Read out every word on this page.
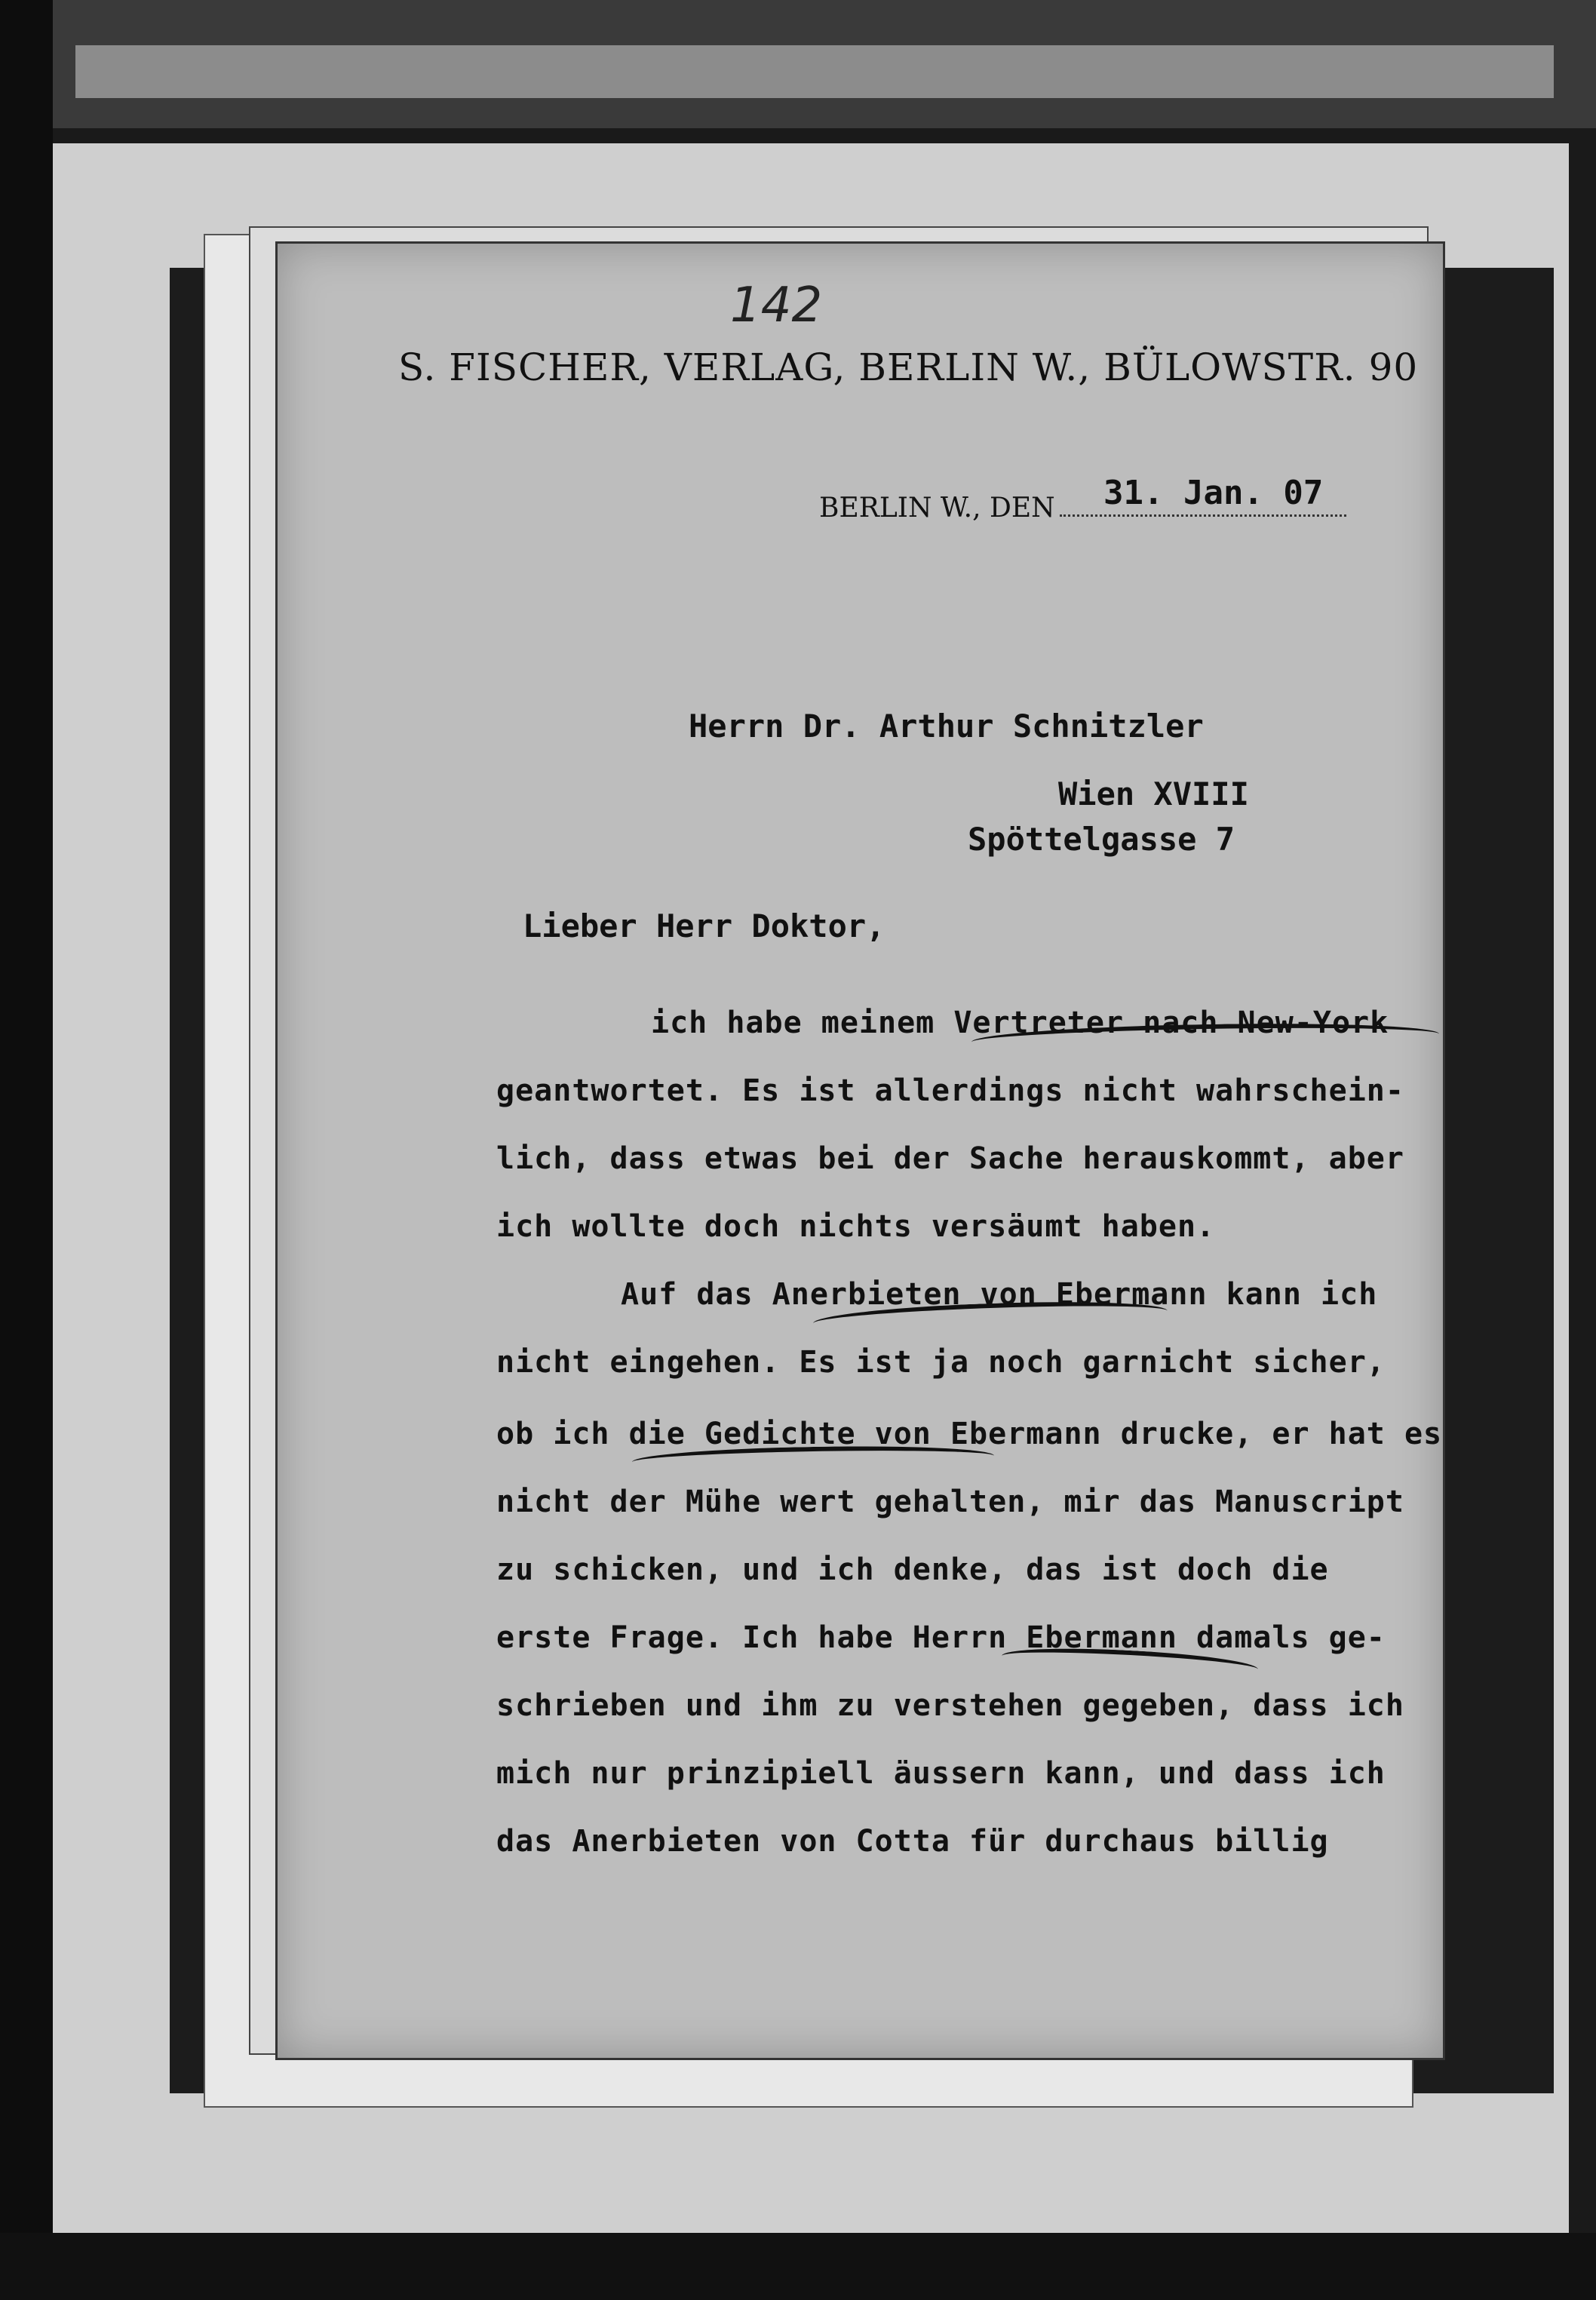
142
S. FISCHER, VERLAG, BERLIN W., BÜLOWSTR. 90
BERLIN W., DEN	31. Jan. 07
Herrn Dr. Arthur Schnitzler
Wien XVIII
Spöttelgasse 7
Lieber Herr Doktor,
ich habe meinem Vertreter nach New-York
geantwortet. Es ist allerdings nicht wahrschein-
lich, dass etwas bei der Sache herauskommt, aber
ich wollte doch nichts versäumt haben.
Auf das Anerbieten von Ebermann kann ich
nicht eingehen. Es ist ja noch garnicht sicher,
ob ich die Gedichte von Ebermann drucke, er hat es
nicht der Mühe wert gehalten, mir das Manuscript
zu schicken, und ich denke, das ist doch die
erste Frage. Ich habe Herrn Ebermann damals ge-
schrieben und ihm zu verstehen gegeben, dass ich
mich nur prinzipiell äussern kann, und dass ich
das Anerbieten von Cotta für durchaus billig
